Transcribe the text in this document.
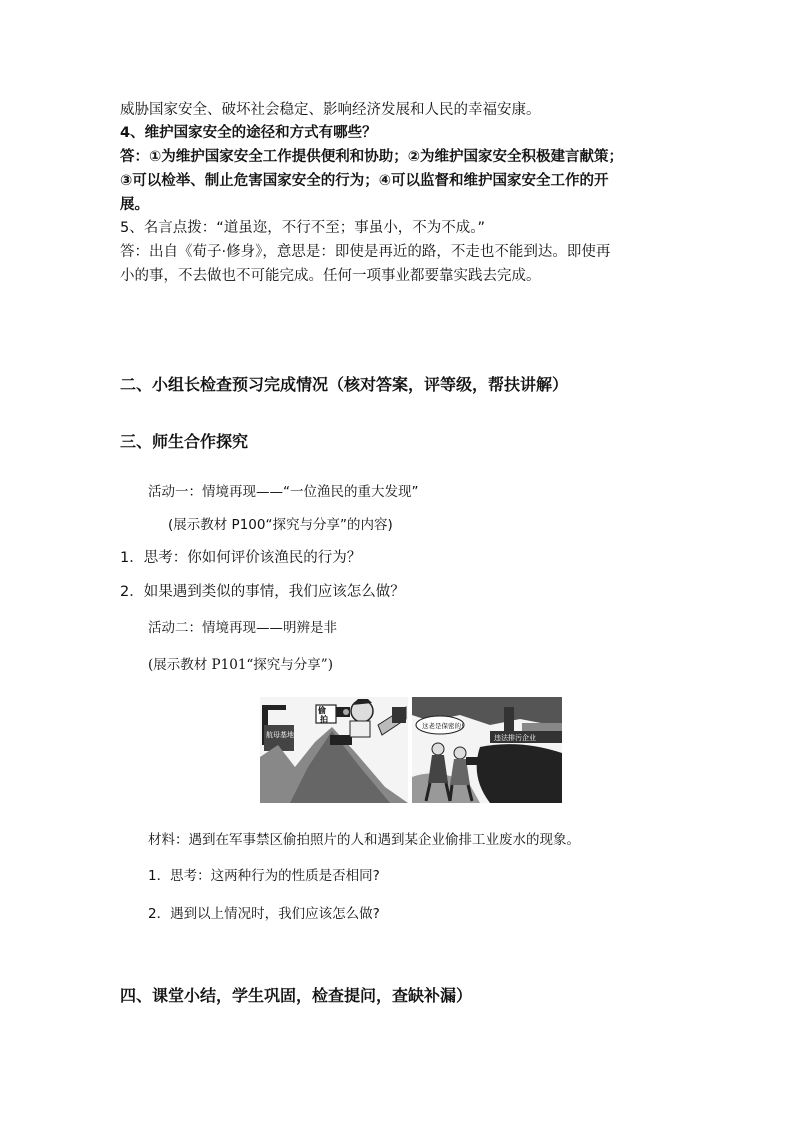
威胁国家安全、破坏社会稳定、影响经济发展和人民的幸福安康。
4、维护国家安全的途径和方式有哪些？
答：①为维护国家安全工作提供便利和协助；②为维护国家安全积极建言献策；
③可以检举、制止危害国家安全的行为；④可以监督和维护国家安全工作的开
展。
5、名言点拨：“道虽迩，不行不至；事虽小，不为不成。”
答：出自《荀子·修身》，意思是：即使是再近的路，不走也不能到达。即使再
小的事，不去做也不可能完成。任何一项事业都要靠实践去完成。
二、小组长检查预习完成情况（核对答案，评等级，帮扶讲解）
三、师生合作探究
活动一：情境再现——“一位渔民的重大发现”
(展示教材 P100“探究与分享”的内容)
1．思考：你如何评价该渔民的行为？
2．如果遇到类似的事情，我们应该怎么做？
活动二：情境再现——明辨是非
(展示教材 P101“探究与分享”)
航母基地
偷
拍
违法排污企业
这老是保密的!
材料：遇到在军事禁区偷拍照片的人和遇到某企业偷排工业废水的现象。
1．思考：这两种行为的性质是否相同?
2．遇到以上情况时，我们应该怎么做?
四、课堂小结，学生巩固，检查提问，查缺补漏）
